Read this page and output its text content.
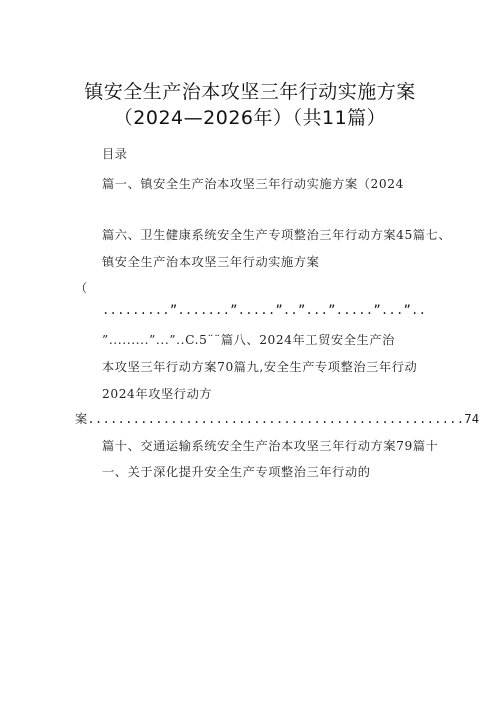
镇安全生产治本攻坚三年行动实施方案
（2024—2026年）（共11篇）
目录
篇一、镇安全生产治本攻坚三年行动实施方案（2024
篇六、卫生健康系统安全生产专项整治三年行动方案45篇七、
镇安全生产治本攻坚三年行动实施方案
（
.........”.......”.....”..”...”.....”...”..
”.........”...”..C.5¨¨篇八、2024年工贸安全生产治
本攻坚三年行动方案70篇九,安全生产专项整治三年行动
2024年攻坚行动方
案..................................................74
篇十、交通运输系统安全生产治本攻坚三年行动方案79篇十
一、关于深化提升安全生产专项整治三年行动的
